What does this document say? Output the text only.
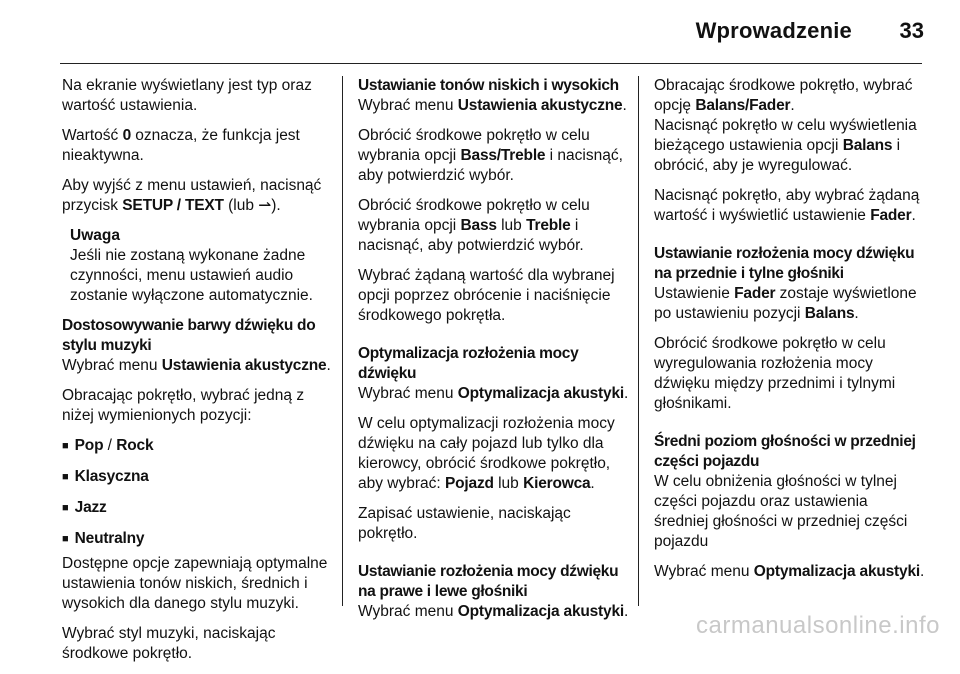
Wprowadzenie 33

Na ekranie wyświetlany jest typ oraz wartość ustawienia.

Wartość 0 oznacza, że funkcja jest nieaktywna.

Aby wyjść z menu ustawień, nacisnąć przycisk SETUP / TEXT (lub ⇀).

Uwaga
Jeśli nie zostaną wykonane żadne czynności, menu ustawień audio zostanie wyłączone automatycznie.
Dostosowywanie barwy dźwięku do stylu muzyki

Wybrać menu Ustawienia akustyczne.

Obracając pokrętło, wybrać jedną z niżej wymienionych pozycji:

■ Pop / Rock
■ Klasyczna
■ Jazz
■ Neutralny

Dostępne opcje zapewniają optymalne ustawienia tonów niskich, średnich i wysokich dla danego stylu muzyki.

Wybrać styl muzyki, naciskając środkowe pokrętło.

Ustawianie tonów niskich i wysokich

Wybrać menu Ustawienia akustyczne.

Obrócić środkowe pokrętło w celu wybrania opcji Bass/Treble i nacisnąć, aby potwierdzić wybór.

Obrócić środkowe pokrętło w celu wybrania opcji Bass lub Treble i nacisnąć, aby potwierdzić wybór.

Wybrać żądaną wartość dla wybranej opcji poprzez obrócenie i naciśnięcie środkowego pokrętła.

Optymalizacja rozłożenia mocy dźwięku

Wybrać menu Optymalizacja akustyki.

W celu optymalizacji rozłożenia mocy dźwięku na cały pojazd lub tylko dla kierowcy, obrócić środkowe pokrętło, aby wybrać: Pojazd lub Kierowca.

Zapisać ustawienie, naciskając pokrętło.

Ustawianie rozłożenia mocy dźwięku na prawe i lewe głośniki

Wybrać menu Optymalizacja akustyki.

Obracając środkowe pokrętło, wybrać opcję Balans/Fader.
Nacisnąć pokrętło w celu wyświetlenia bieżącego ustawienia opcji Balans i obrócić, aby je wyregulować.

Nacisnąć pokrętło, aby wybrać żądaną wartość i wyświetlić ustawienie Fader.

Ustawianie rozłożenia mocy dźwięku na przednie i tylne głośniki

Ustawienie Fader zostaje wyświetlone po ustawieniu pozycji Balans.

Obrócić środkowe pokrętło w celu wyregulowania rozłożenia mocy dźwięku między przednimi i tylnymi głośnikami.

Średni poziom głośności w przedniej części pojazdu

W celu obniżenia głośności w tylnej części pojazdu oraz ustawienia średniej głośności w przedniej części pojazdu

Wybrać menu Optymalizacja akustyki.

carmanualsonline.info
